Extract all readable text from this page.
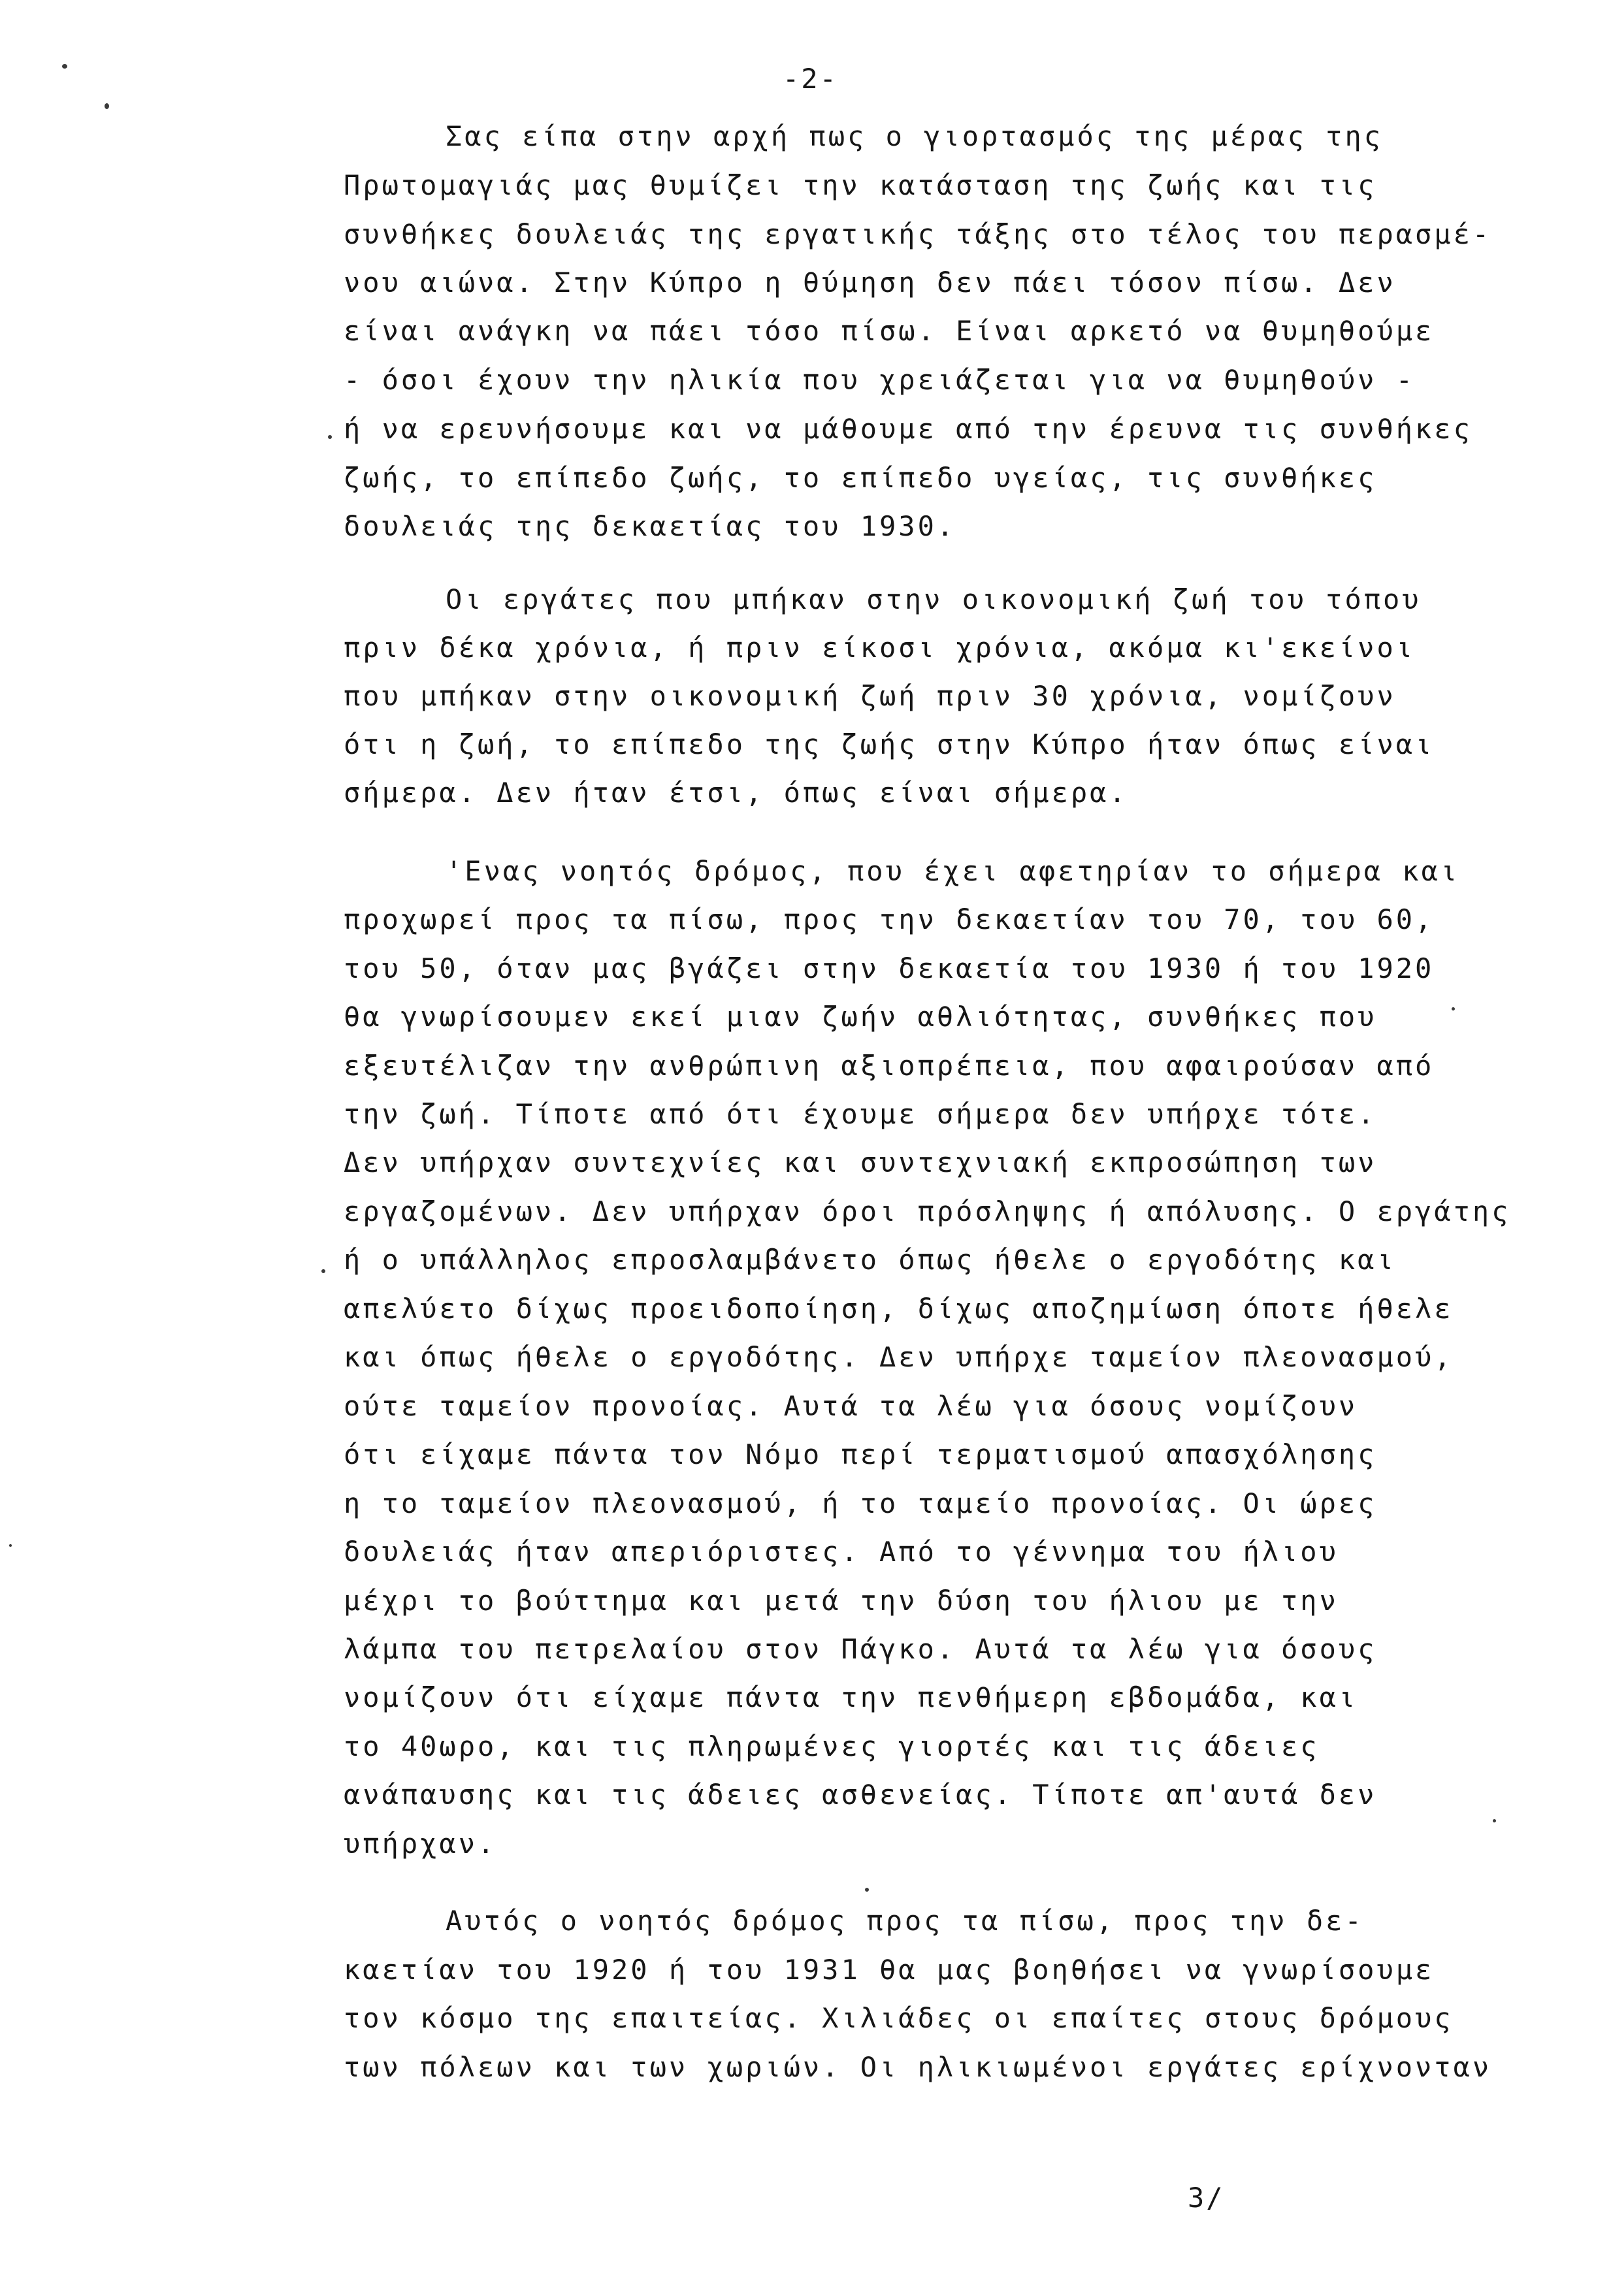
-2-
Σας είπα στην αρχή πως ο γιορτασμός της μέρας της
Πρωτομαγιάς μας θυμίζει την κατάσταση της ζωής και τις
συνθήκες δουλειάς της εργατικής τάξης στο τέλος του περασμέ-
νου αιώνα. Στην Κύπρο η θύμηση δεν πάει τόσον πίσω. Δεν
είναι ανάγκη να πάει τόσο πίσω. Είναι αρκετό να θυμηθούμε
- όσοι έχουν την ηλικία που χρειάζεται για να θυμηθούν -
ή να ερευνήσουμε και να μάθουμε από την έρευνα τις συνθήκες
ζωής, το επίπεδο ζωής, το επίπεδο υγείας, τις συνθήκες
δουλειάς της δεκαετίας του 1930.
Οι εργάτες που μπήκαν στην οικονομική ζωή του τόπου
πριν δέκα χρόνια, ή πριν είκοσι χρόνια, ακόμα κι'εκείνοι
που μπήκαν στην οικονομική ζωή πριν 30 χρόνια, νομίζουν
ότι η ζωή, το επίπεδο της ζωής στην Κύπρο ήταν όπως είναι
σήμερα. Δεν ήταν έτσι, όπως είναι σήμερα.
'Ενας νοητός δρόμος, που έχει αφετηρίαν το σήμερα και
προχωρεί προς τα πίσω, προς την δεκαετίαν του 70, του 60,
του 50, όταν μας βγάζει στην δεκαετία του 1930 ή του 1920
θα γνωρίσουμεν εκεί μιαν ζωήν αθλιότητας, συνθήκες που
εξευτέλιζαν την ανθρώπινη αξιοπρέπεια, που αφαιρούσαν από
την ζωή. Τίποτε από ότι έχουμε σήμερα δεν υπήρχε τότε.
Δεν υπήρχαν συντεχνίες και συντεχνιακή εκπροσώπηση των
εργαζομένων. Δεν υπήρχαν όροι πρόσληψης ή απόλυσης. Ο εργάτης
ή ο υπάλληλος επροσλαμβάνετο όπως ήθελε ο εργοδότης και
απελύετο δίχως προειδοποίηση, δίχως αποζημίωση όποτε ήθελε
και όπως ήθελε ο εργοδότης. Δεν υπήρχε ταμείον πλεονασμού,
ούτε ταμείον προνοίας. Αυτά τα λέω για όσους νομίζουν
ότι είχαμε πάντα τον Νόμο περί τερματισμού απασχόλησης
η το ταμείον πλεονασμού, ή το ταμείο προνοίας. Οι ώρες
δουλειάς ήταν απεριόριστες. Από το γέννημα του ήλιου
μέχρι το βούττημα και μετά την δύση του ήλιου με την
λάμπα του πετρελαίου στον Πάγκο. Αυτά τα λέω για όσους
νομίζουν ότι είχαμε πάντα την πενθήμερη εβδομάδα, και
το 40ωρο, και τις πληρωμένες γιορτές και τις άδειες
ανάπαυσης και τις άδειες ασθενείας. Τίποτε απ'αυτά δεν
υπήρχαν.
Αυτός ο νοητός δρόμος προς τα πίσω, προς την δε-
καετίαν του 1920 ή του 1931 θα μας βοηθήσει να γνωρίσουμε
τον κόσμο της επαιτείας. Χιλιάδες οι επαίτες στους δρόμους
των πόλεων και των χωριών. Οι ηλικιωμένοι εργάτες ερίχνονταν
3/
